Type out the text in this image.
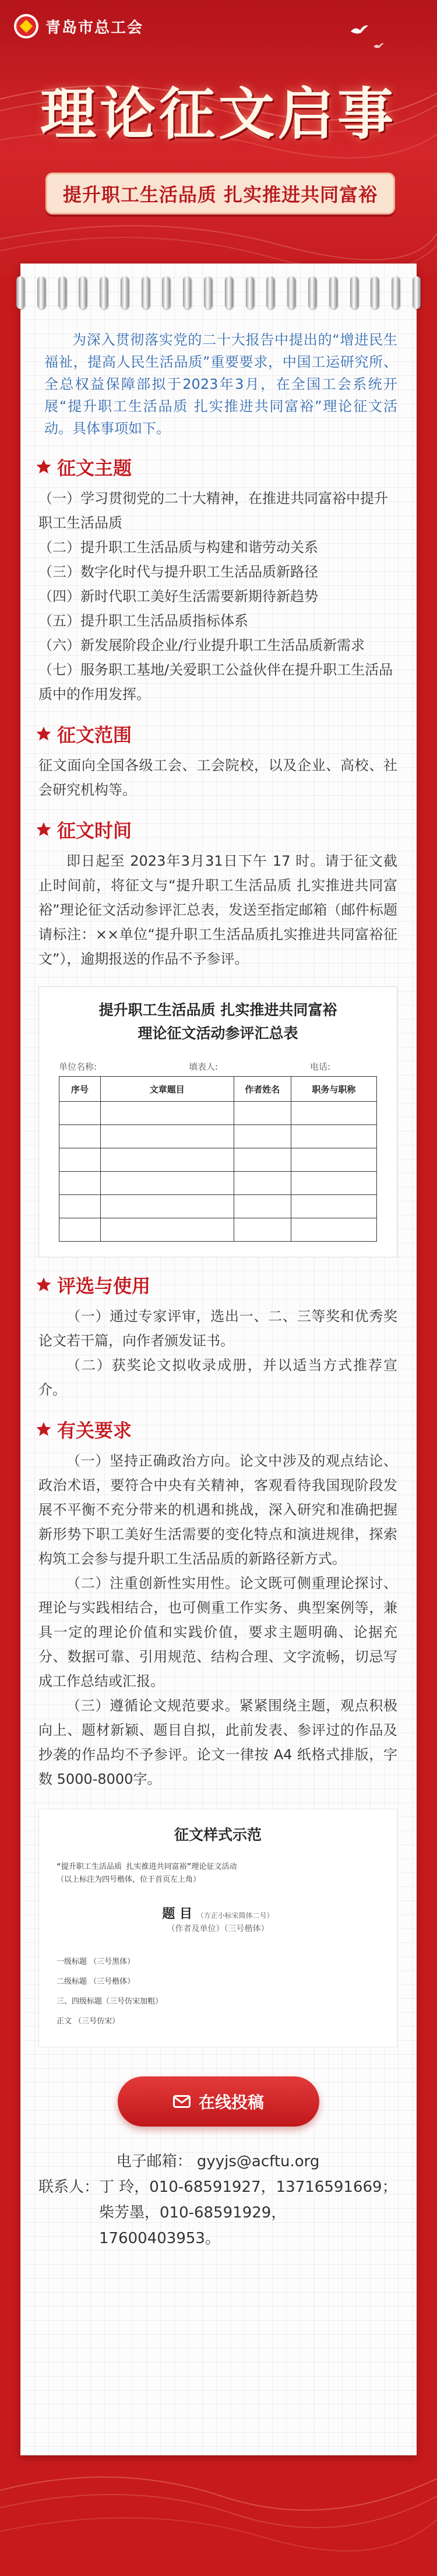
青岛市总工会
理论征文启事
提升职工生活品质 扎实推进共同富裕
为深入贯彻落实党的二十大报告中提出的“增进民生福祉，提高人民生活品质”重要要求，中国工运研究所、全总权益保障部拟于2023年3月，在全国工会系统开展“提升职工生活品质 扎实推进共同富裕”理论征文活动。具体事项如下。
征文主题
（一）学习贯彻党的二十大精神，在推进共同富裕中提升职工生活品质
（二）提升职工生活品质与构建和谐劳动关系
（三）数字化时代与提升职工生活品质新路径
（四）新时代职工美好生活需要新期待新趋势
（五）提升职工生活品质指标体系
（六）新发展阶段企业/行业提升职工生活品质新需求
（七）服务职工基地/关爱职工公益伙伴在提升职工生活品质中的作用发挥。
征文范围
征文面向全国各级工会、工会院校，以及企业、高校、社会研究机构等。
征文时间
即日起至 2023年3月31日下午 17 时。请于征文截止时间前，将征文与“提升职工生活品质 扎实推进共同富裕”理论征文活动参评汇总表，发送至指定邮箱（邮件标题请标注：××单位“提升职工生活品质扎实推进共同富裕征文”），逾期报送的作品不予参评。
提升职工生活品质 扎实推进共同富裕
理论征文活动参评汇总表
单位名称:	填表人:	电话:
序号	文章题目	作者姓名	职务与职称

评选与使用
（一）通过专家评审，选出一、二、三等奖和优秀奖论文若干篇，向作者颁发证书。
（二）获奖论文拟收录成册，并以适当方式推荐宣介。
有关要求
（一）坚持正确政治方向。论文中涉及的观点结论、政治术语，要符合中央有关精神，客观看待我国现阶段发展不平衡不充分带来的机遇和挑战，深入研究和准确把握新形势下职工美好生活需要的变化特点和演进规律，探索构筑工会参与提升职工生活品质的新路径新方式。
（二）注重创新性实用性。论文既可侧重理论探讨、理论与实践相结合，也可侧重工作实务、典型案例等，兼具一定的理论价值和实践价值，要求主题明确、论据充分、数据可靠、引用规范、结构合理、文字流畅，切忌写成工作总结或汇报。
（三）遵循论文规范要求。紧紧围绕主题，观点积极向上、题材新颖、题目自拟，此前发表、参评过的作品及抄袭的作品均不予参评。论文一律按 A4 纸格式排版，字数 5000-8000字。
征文样式示范
“提升职工生活品质 扎实推进共同富裕”理论征文活动
（以上标注为四号楷体，位于首页左上角）
题 目 （方正小标宋简体二号）
（作者及单位）（三号楷体）
一级标题 （三号黑体）
二级标题 （三号楷体）
三、四级标题（三号仿宋加粗）
正文 （三号仿宋）
在线投稿
电子邮箱： gyyjs@acftu.org
联系人： 丁 玲，010-68591927，13716591669；
柴芳墨，010-68591929，17600403953。
